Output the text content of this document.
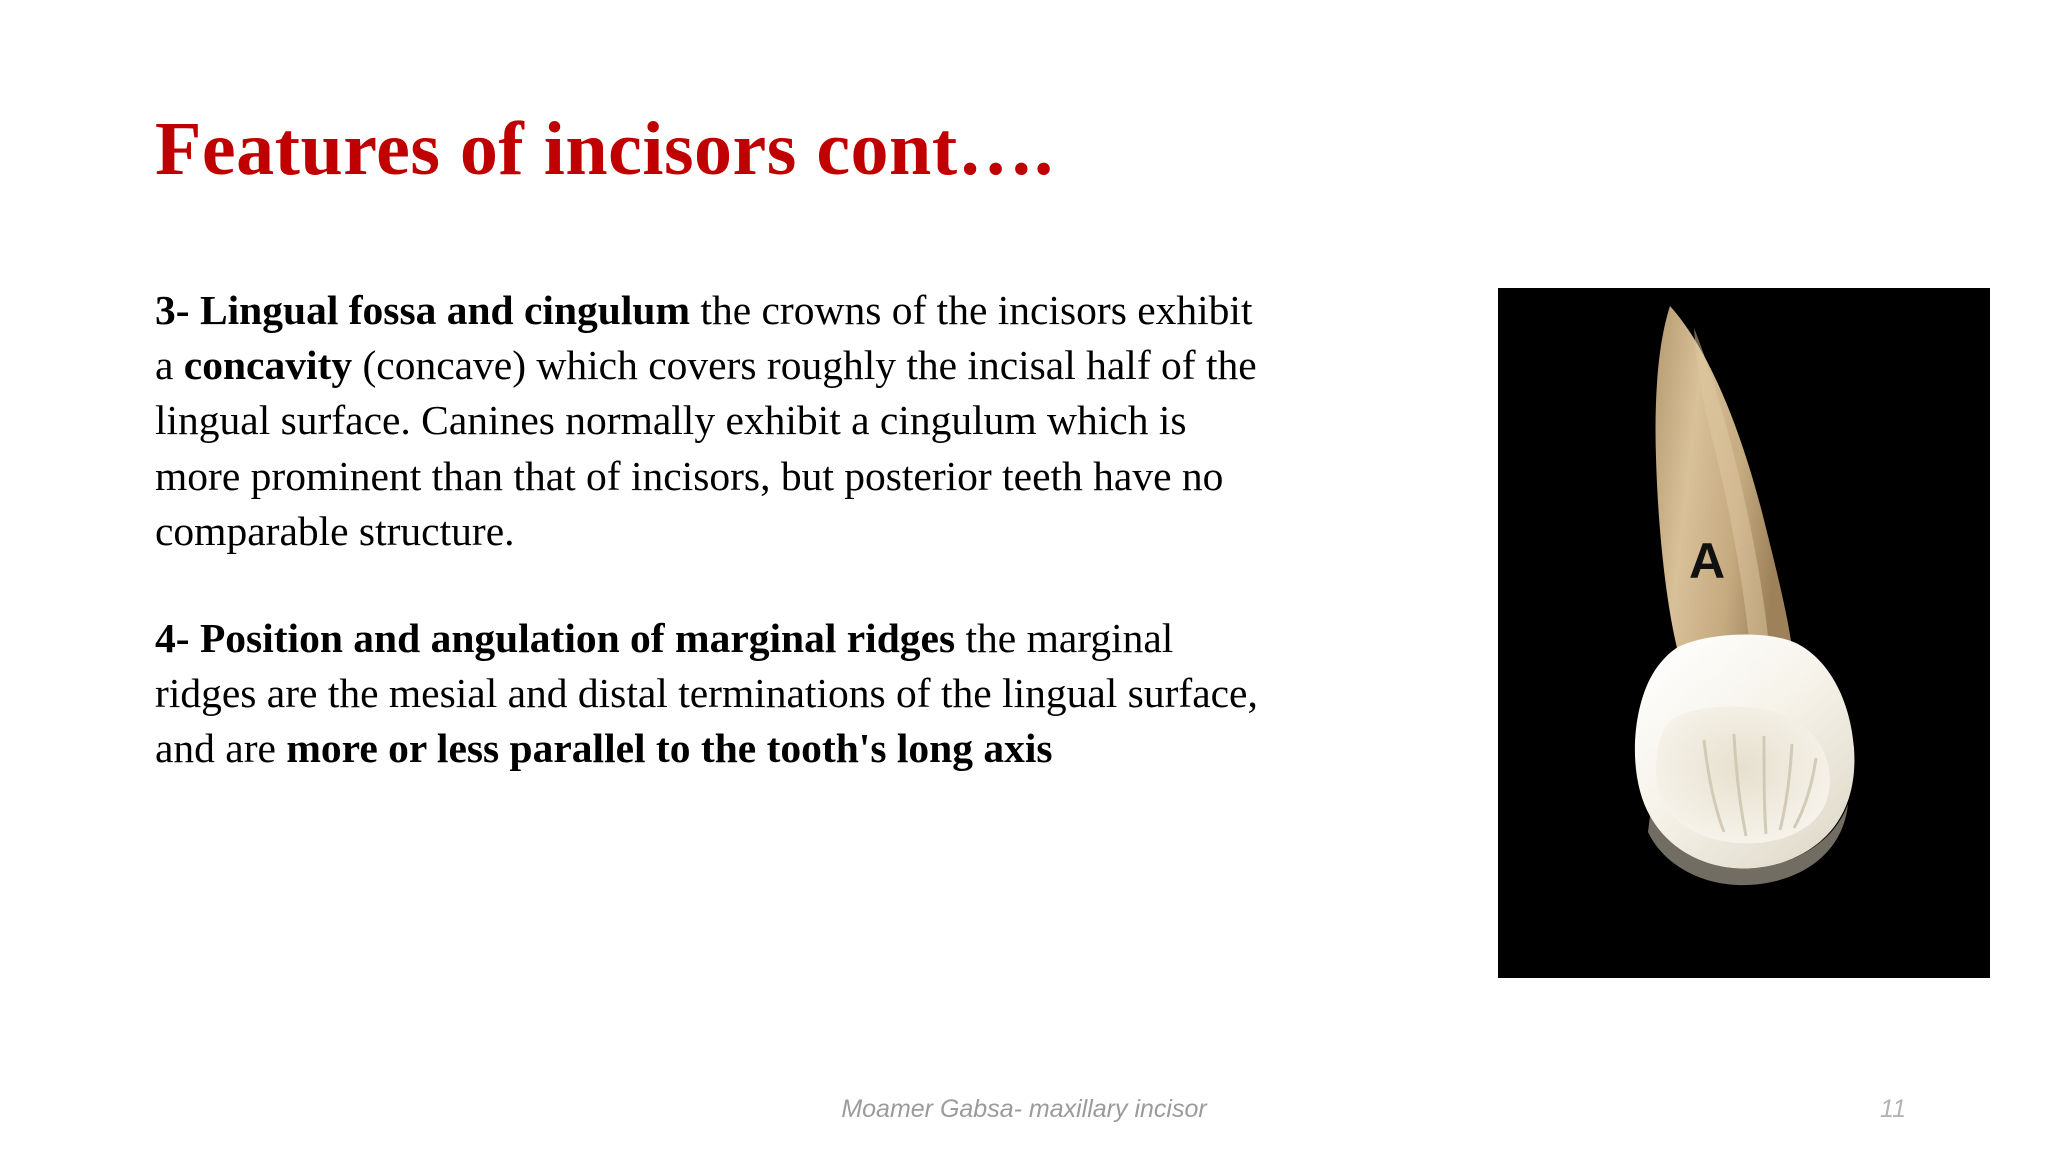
Features of incisors cont….

3- Lingual fossa and cingulum the crowns of the incisors exhibit a concavity (concave) which covers roughly the incisal half of the lingual surface. Canines normally exhibit a cingulum which is more prominent than that of incisors, but posterior teeth have no comparable structure.

4- Position and angulation of marginal ridges the marginal ridges are the mesial and distal terminations of the lingual surface, and are more or less parallel to the tooth's long axis

A
Moamer Gabsa- maxillary incisor	11
